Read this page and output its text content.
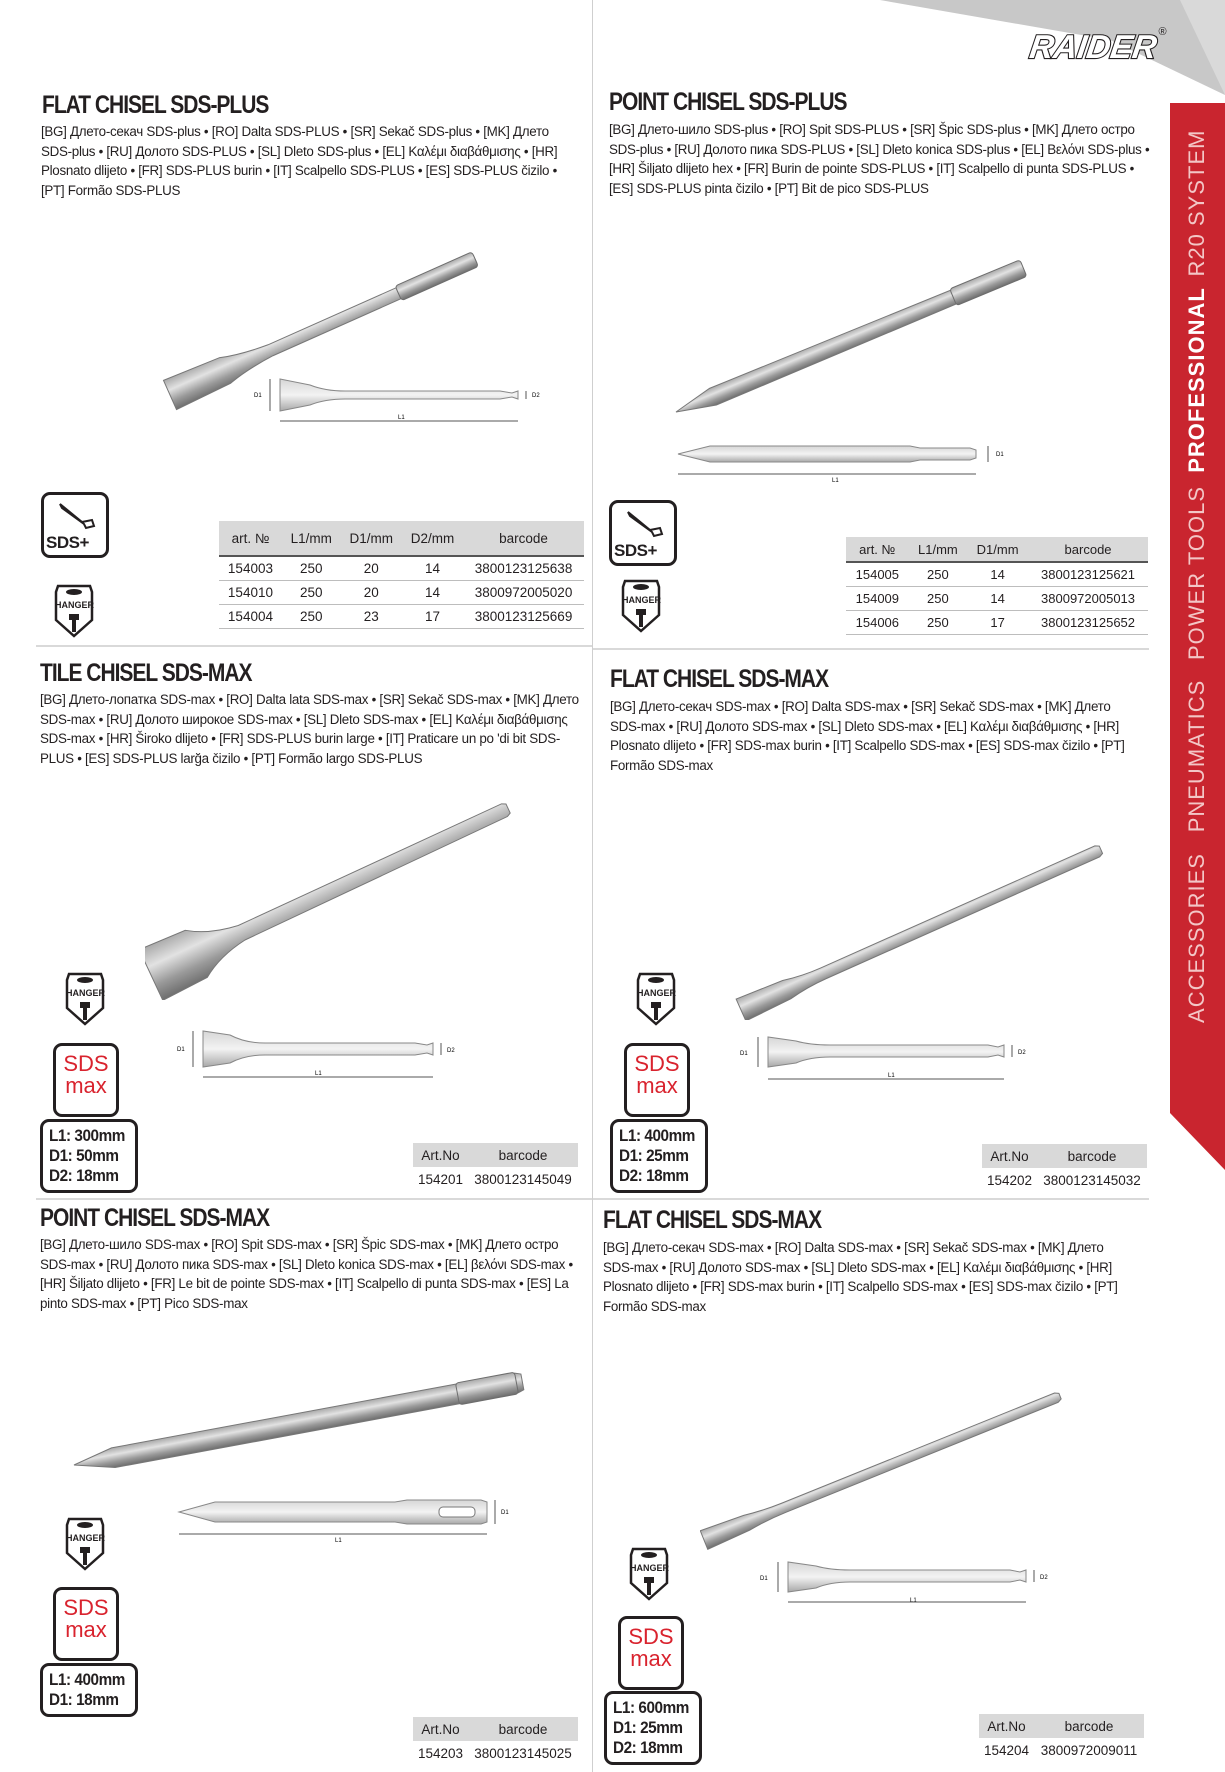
RAIDER ®
R20 SYSTEM
PROFESSIONAL
POWER TOOLS
PNEUMATICS
ACCESSORIES
FLAT CHISEL SDS-PLUS
[BG] Длето-секач SDS-plus • [RO] Dalta SDS-PLUS • [SR] Sekač SDS-plus • [MK] Длето SDS-plus • [RU] Долото SDS-PLUS • [SL] Dleto SDS-plus • [EL] Καλέμι διαβάθμισης • [HR] Plosnato dlijeto • [FR] SDS-PLUS burin • [IT] Scalpello SDS-PLUS • [ES] SDS-PLUS čizilo • [PT] Formão SDS-PLUS
D1	D2
L1
SDS+
HANGER
art. №	L1/mm	D1/mm	D2/mm	barcode
154003	250	20	14	3800123125638
154010	250	20	14	3800972005020
154004	250	23	17	3800123125669
POINT CHISEL SDS-PLUS
[BG] Длето-шило SDS-plus • [RO] Spit SDS-PLUS • [SR] Špic SDS-plus • [MK] Длето остро SDS-plus • [RU] Долото пика SDS-PLUS • [SL] Dleto konica SDS-plus • [EL] Βελόνι SDS-plus • [HR] Šiljato dlijeto hex • [FR] Burin de pointe SDS-PLUS • [IT] Scalpello di punta SDS-PLUS • [ES] SDS-PLUS pinta čizilo • [PT] Bit de pico SDS-PLUS
D1
L1
SDS+
HANGER
art. №	L1/mm	D1/mm	barcode
154005	250	14	3800123125621
154009	250	14	3800972005013
154006	250	17	3800123125652
TILE CHISEL SDS-MAX
[BG] Длето-лопатка SDS-max • [RO] Dalta lata SDS-max • [SR] Sekač SDS-max • [MK] Длето SDS-max • [RU] Долото широкое SDS-max • [SL] Dleto SDS-max • [EL] Καλέμι διαβάθμισης SDS-max • [HR] Široko dlijeto • [FR] SDS-PLUS burin large • [IT] Praticare un po 'di bit SDS-PLUS • [ES] SDS-PLUS larğa čizilo • [PT] Formão largo SDS-PLUS
D1	D2
L1
HANGER
SDS
max
L1: 300mm
D1: 50mm
D2: 18mm
Art.No	barcode
154201 3800123145049
FLAT CHISEL SDS-MAX
[BG] Длето-секач SDS-max • [RO] Dalta SDS-max • [SR] Sekač SDS-max • [MK] Длето SDS-max • [RU] Долото SDS-max • [SL] Dleto SDS-max • [EL] Καλέμι διαβάθμισης • [HR] Plosnato dlijeto • [FR] SDS-max burin • [IT] Scalpello SDS-max • [ES] SDS-max čizilo • [PT] Formão SDS-max
D1	D2
L1
HANGER
SDS
max
L1: 400mm
D1: 25mm
D2: 18mm
Art.No	barcode
154202 3800123145032
POINT CHISEL SDS-MAX
[BG] Длето-шило SDS-max • [RO] Spit SDS-max • [SR] Špic SDS-max • [MK] Длето остро SDS-max • [RU] Долото пика SDS-max • [SL] Dleto konica SDS-max • [EL] βελόνι SDS-max • [HR] Šiljato dlijeto • [FR] Le bit de pointe SDS-max • [IT] Scalpello di punta SDS-max • [ES] La pinto SDS-max • [PT] Pico SDS-max
D1
L1
HANGER
SDS
max
L1: 400mm
D1: 18mm
Art.No	barcode
154203 3800123145025
FLAT CHISEL SDS-MAX
[BG] Длето-секач SDS-max • [RO] Dalta SDS-max • [SR] Sekač SDS-max • [MK] Длето SDS-max • [RU] Долото SDS-max • [SL] Dleto SDS-max • [EL] Καλέμι διαβάθμισης • [HR] Plosnato dlijeto • [FR] SDS-max burin • [IT] Scalpello SDS-max • [ES] SDS-max čizilo • [PT] Formão SDS-max
D1	D2
L1
HANGER
SDS
max
L1: 600mm
D1: 25mm
D2: 18mm
Art.No	barcode
154204 3800972009011
